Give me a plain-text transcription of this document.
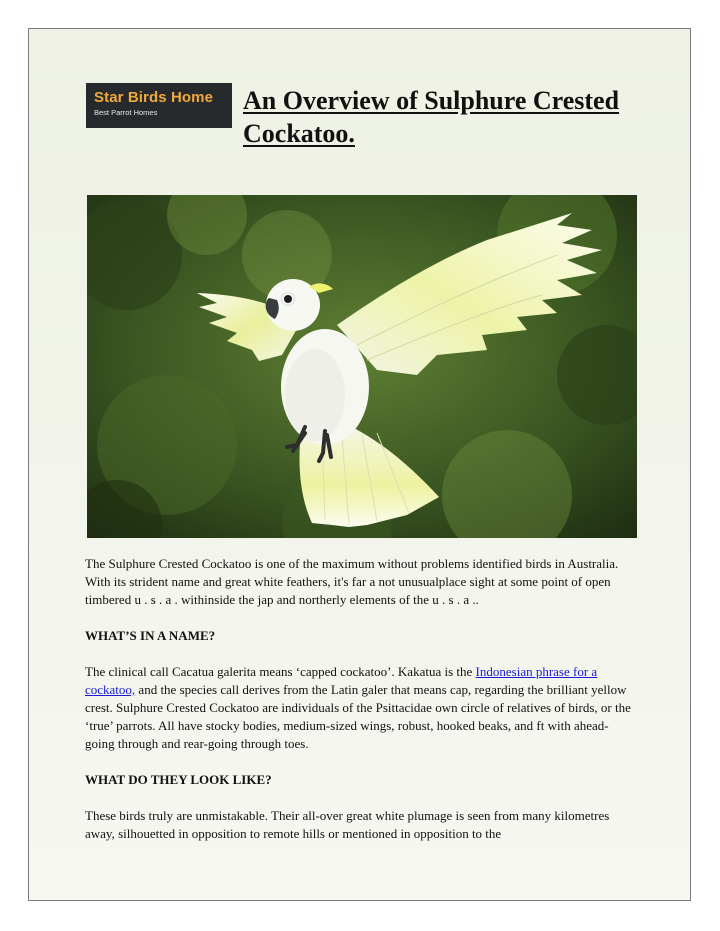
Star Birds Home
Best Parrot Homes	An Overview of Sulphure Crested Cockatoo.

The Sulphure Crested Cockatoo is one of the maximum without problems identified birds in Australia. With its strident name and great white feathers, it's far a not unusualplace sight at some point of open timbered u . s . a . withinside the jap and northerly elements of the u . s . a ..

WHAT’S IN A NAME?

The clinical call Cacatua galerita means ‘capped cockatoo’. Kakatua is the Indonesian phrase for a cockatoo, and the species call derives from the Latin galer that means cap, regarding the brilliant yellow crest. Sulphure Crested Cockatoo are individuals of the Psittacidae own circle of relatives of birds, or the ‘true’ parrots. All have stocky bodies, medium-sized wings, robust, hooked beaks, and ft with ahead-going through and rear-going through toes.

WHAT DO THEY LOOK LIKE?

These birds truly are unmistakable. Their all-over great white plumage is seen from many kilometres away, silhouetted in opposition to remote hills or mentioned in opposition to the
